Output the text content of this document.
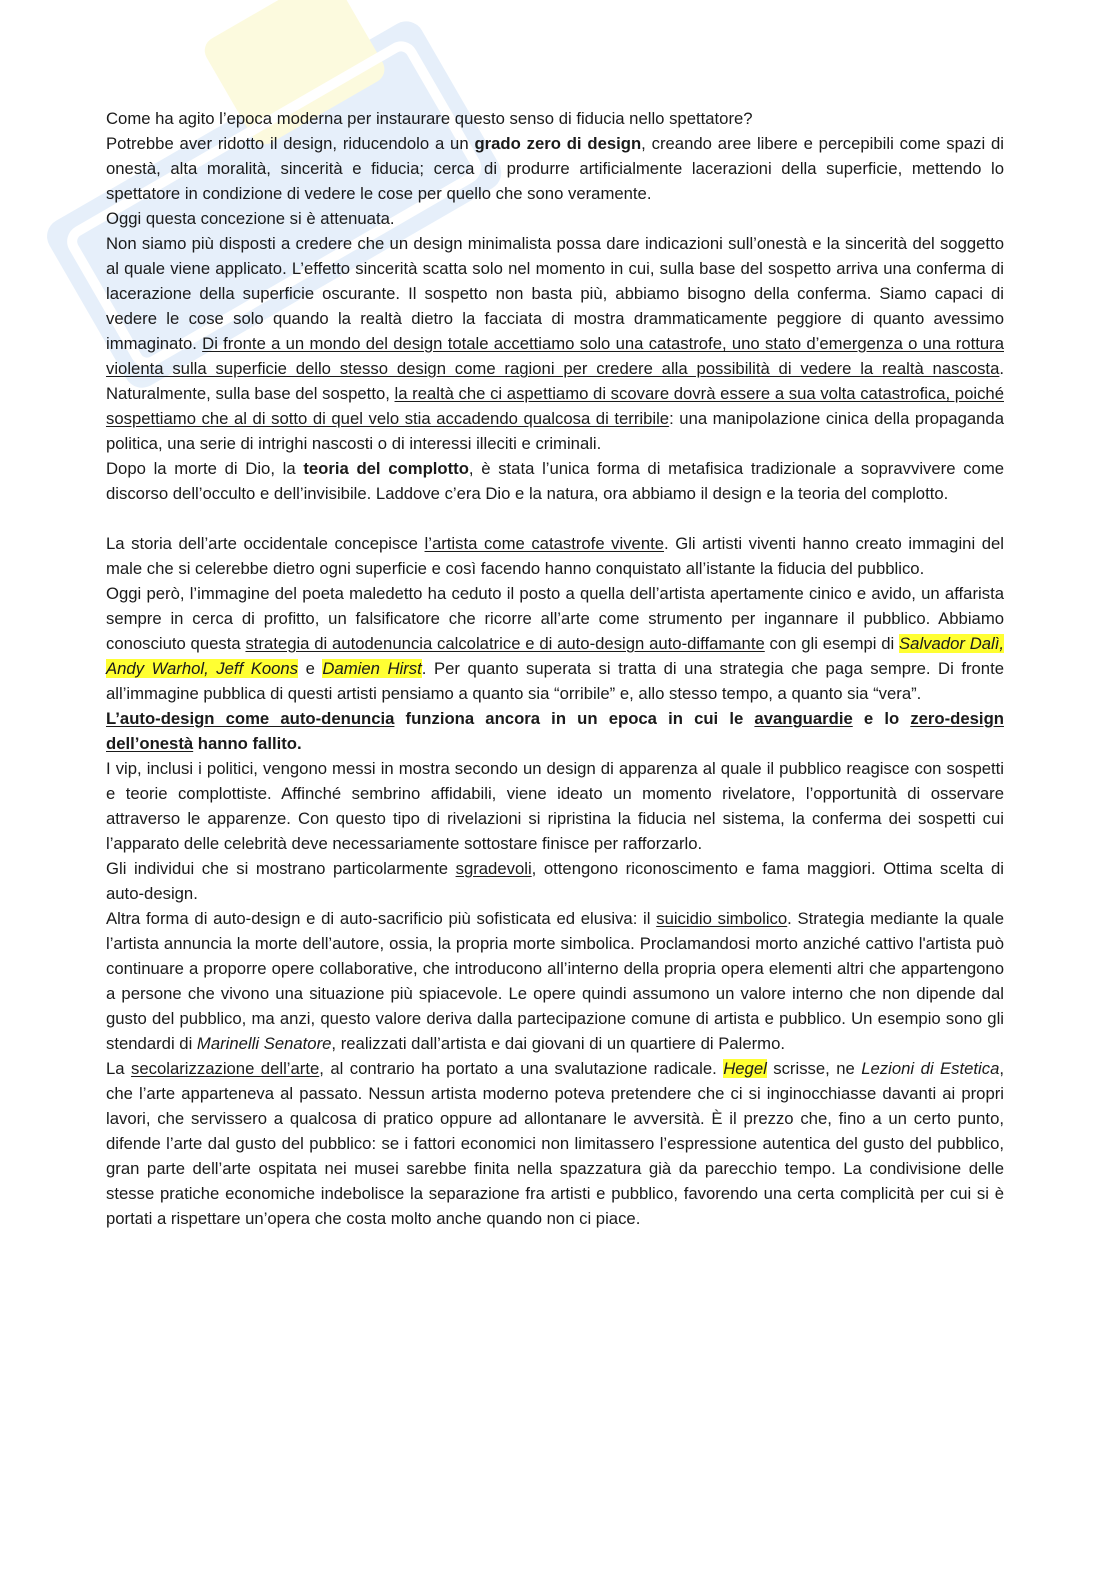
Come ha agito l’epoca moderna per instaurare questo senso di fiducia nello spettatore?

Potrebbe aver ridotto il design, riducendolo a un grado zero di design, creando aree libere e percepibili come spazi di onestà, alta moralità, sincerità e fiducia; cerca di produrre artificialmente lacerazioni della superficie, mettendo lo spettatore in condizione di vedere le cose per quello che sono veramente.

Oggi questa concezione si è attenuata.

Non siamo più disposti a credere che un design minimalista possa dare indicazioni sull’onestà e la sincerità del soggetto al quale viene applicato. L’effetto sincerità scatta solo nel momento in cui, sulla base del sospetto arriva una conferma di lacerazione della superficie oscurante. Il sospetto non basta più, abbiamo bisogno della conferma. Siamo capaci di vedere le cose solo quando la realtà dietro la facciata di mostra drammaticamente peggiore di quanto avessimo immaginato. Di fronte a un mondo del design totale accettiamo solo una catastrofe, uno stato d’emergenza o una rottura violenta sulla superficie dello stesso design come ragioni per credere alla possibilità di vedere la realtà nascosta. Naturalmente, sulla base del sospetto, la realtà che ci aspettiamo di scovare dovrà essere a sua volta catastrofica, poiché sospettiamo che al di sotto di quel velo stia accadendo qualcosa di terribile: una manipolazione cinica della propaganda politica, una serie di intrighi nascosti o di interessi illeciti e criminali.

Dopo la morte di Dio, la teoria del complotto, è stata l’unica forma di metafisica tradizionale a sopravvivere come discorso dell’occulto e dell’invisibile. Laddove c’era Dio e la natura, ora abbiamo il design e la teoria del complotto.

La storia dell’arte occidentale concepisce l’artista come catastrofe vivente. Gli artisti viventi hanno creato immagini del male che si celerebbe dietro ogni superficie e così facendo hanno conquistato all’istante la fiducia del pubblico.

Oggi però, l’immagine del poeta maledetto ha ceduto il posto a quella dell’artista apertamente cinico e avido, un affarista sempre in cerca di profitto, un falsificatore che ricorre all’arte come strumento per ingannare il pubblico. Abbiamo conosciuto questa strategia di autodenuncia calcolatrice e di auto-design auto-diffamante con gli esempi di Salvador Dalì, Andy Warhol, Jeff Koons e Damien Hirst. Per quanto superata si tratta di una strategia che paga sempre. Di fronte all’immagine pubblica di questi artisti pensiamo a quanto sia “orribile” e, allo stesso tempo, a quanto sia “vera”.

L’auto-design come auto-denuncia funziona ancora in un epoca in cui le avanguardie e lo zero-design dell’onestà hanno fallito.

I vip, inclusi i politici, vengono messi in mostra secondo un design di apparenza al quale il pubblico reagisce con sospetti e teorie complottiste. Affinché sembrino affidabili, viene ideato un momento rivelatore, l’opportunità di osservare attraverso le apparenze. Con questo tipo di rivelazioni si ripristina la fiducia nel sistema, la conferma dei sospetti cui l’apparato delle celebrità deve necessariamente sottostare finisce per rafforzarlo.

Gli individui che si mostrano particolarmente sgradevoli, ottengono riconoscimento e fama maggiori. Ottima scelta di auto-design.

Altra forma di auto-design e di auto-sacrificio più sofisticata ed elusiva: il suicidio simbolico. Strategia mediante la quale l’artista annuncia la morte dell’autore, ossia, la propria morte simbolica. Proclamandosi morto anziché cattivo l'artista può continuare a proporre opere collaborative, che introducono all’interno della propria opera elementi altri che appartengono a persone che vivono una situazione più spiacevole. Le opere quindi assumono un valore interno che non dipende dal gusto del pubblico, ma anzi, questo valore deriva dalla partecipazione comune di artista e pubblico. Un esempio sono gli stendardi di Marinelli Senatore, realizzati dall’artista e dai giovani di un quartiere di Palermo.

La secolarizzazione dell’arte, al contrario ha portato a una svalutazione radicale. Hegel scrisse, ne Lezioni di Estetica, che l’arte apparteneva al passato. Nessun artista moderno poteva pretendere che ci si inginocchiasse davanti ai propri lavori, che servissero a qualcosa di pratico oppure ad allontanare le avversità. È il prezzo che, fino a un certo punto, difende l’arte dal gusto del pubblico: se i fattori economici non limitassero l’espressione autentica del gusto del pubblico, gran parte dell’arte ospitata nei musei sarebbe finita nella spazzatura già da parecchio tempo. La condivisione delle stesse pratiche economiche indebolisce la separazione fra artisti e pubblico, favorendo una certa complicità per cui si è portati a rispettare un’opera che costa molto anche quando non ci piace.
